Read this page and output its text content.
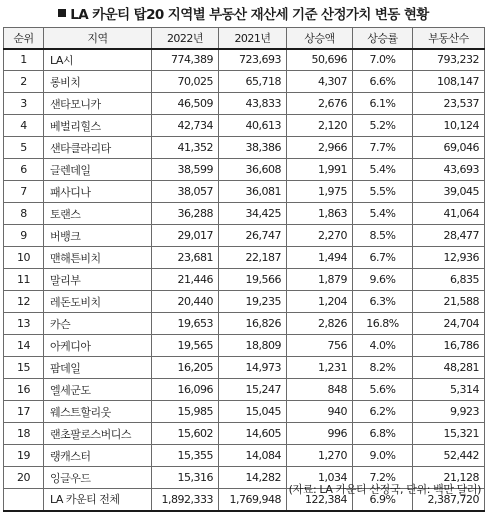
LA 카운티 탑20 지역별 부동산 재산세 기준 산정가치 변동 현황
순위	지역	2022년	2021년	상승액	상승률	부동산수
1	LA시	774,389	723,693	50,696	7.0%	793,232
2	롱비치	70,025	65,718	4,307	6.6%	108,147
3	샌타모니카	46,509	43,833	2,676	6.1%	23,537
4	베벌리힐스	42,734	40,613	2,120	5.2%	10,124
5	샌타클라리타	41,352	38,386	2,966	7.7%	69,046
6	글렌데일	38,599	36,608	1,991	5.4%	43,693
7	패사디나	38,057	36,081	1,975	5.5%	39,045
8	토랜스	36,288	34,425	1,863	5.4%	41,064
9	버뱅크	29,017	26,747	2,270	8.5%	28,477
10	맨해튼비치	23,681	22,187	1,494	6.7%	12,936
11	말리부	21,446	19,566	1,879	9.6%	6,835
12	레돈도비치	20,440	19,235	1,204	6.3%	21,588
13	카슨	19,653	16,826	2,826	16.8%	24,704
14	아케디아	19,565	18,809	756	4.0%	16,786
15	팜데일	16,205	14,973	1,231	8.2%	48,281
16	엘세군도	16,096	15,247	848	5.6%	5,314
17	웨스트할리웃	15,985	15,045	940	6.2%	9,923
18	랜초팔로스버디스	15,602	14,605	996	6.8%	15,321
19	랭캐스터	15,355	14,084	1,270	9.0%	52,442
20	잉글우드	15,316	14,282	1,034	7.2%	21,128
	LA 카운티 전체	1,892,333	1,769,948	122,384	6.9%	2,387,720
(자료: LA 카운티 산정국, 단위: 백만 달러)
